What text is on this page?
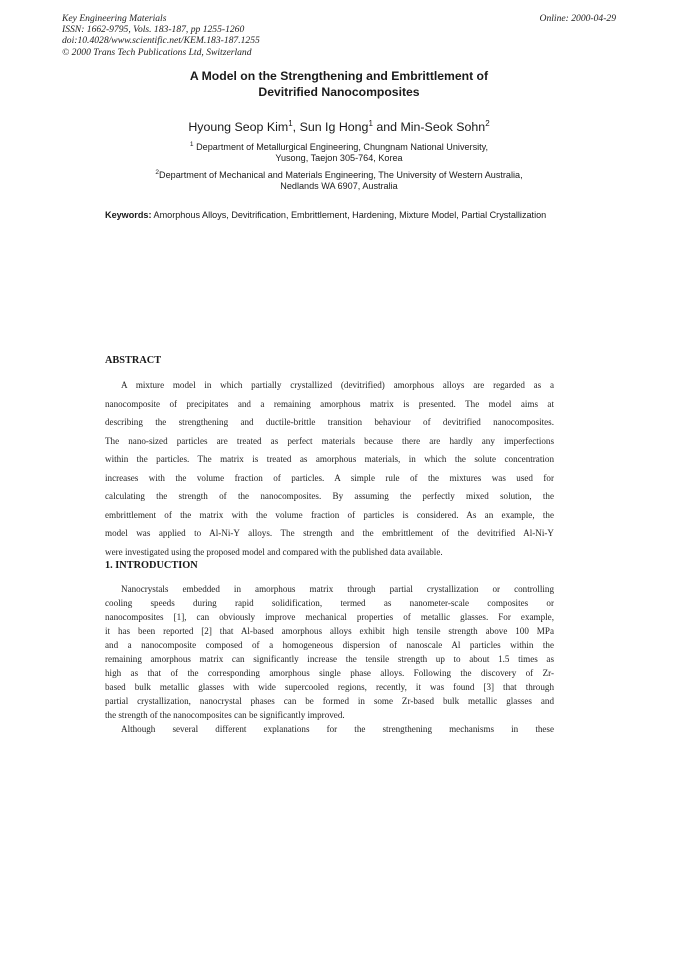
Key Engineering Materials
ISSN: 1662-9795, Vols. 183-187, pp 1255-1260
doi:10.4028/www.scientific.net/KEM.183-187.1255
© 2000 Trans Tech Publications Ltd, Switzerland
Online: 2000-04-29
A Model on the Strengthening and Embrittlement of
Devitrified Nanocomposites
Hyoung Seop Kim$^1$, Sun Ig Hong$^1$ and Min-Seok Sohn$^2$
$^1$ Department of Metallurgical Engineering, Chungnam National University,
Yusong, Taejon 305-764, Korea
$^2$Department of Mechanical and Materials Engineering, The University of Western Australia,
Nedlands WA 6907, Australia
Keywords: Amorphous Alloys, Devitrification, Embrittlement, Hardening, Mixture Model, Partial Crystallization
ABSTRACT
A mixture model in which partially crystallized (devitrified) amorphous alloys are regarded as a
nanocomposite of precipitates and a remaining amorphous matrix is presented. The model aims at
describing the strengthening and ductile-brittle transition behaviour of devitrified nanocomposites.
The nano-sized particles are treated as perfect materials because there are hardly any imperfections
within the particles. The matrix is treated as amorphous materials, in which the solute concentration
increases with the volume fraction of particles. A simple rule of the mixtures was used for
calculating the strength of the nanocomposites. By assuming the perfectly mixed solution, the
embrittlement of the matrix with the volume fraction of particles is considered. As an example, the
model was applied to Al-Ni-Y alloys. The strength and the embrittlement of the devitrified Al-Ni-Y
were investigated using the proposed model and compared with the published data available.
1. INTRODUCTION
Nanocrystals embedded in amorphous matrix through partial crystallization or controlling
cooling speeds during rapid solidification, termed as nanometer-scale composites or
nanocomposites [1], can obviously improve mechanical properties of metallic glasses. For example,
it has been reported [2] that Al-based amorphous alloys exhibit high tensile strength above 100 MPa
and a nanocomposite composed of a homogeneous dispersion of nanoscale Al particles within the
remaining amorphous matrix can significantly increase the tensile strength up to about 1.5 times as
high as that of the corresponding amorphous single phase alloys. Following the discovery of Zr-
based bulk metallic glasses with wide supercooled regions, recently, it was found [3] that through
partial crystallization, nanocrystal phases can be formed in some Zr-based bulk metallic glasses and
the strength of the nanocomposites can be significantly improved.
Although several different explanations for the strengthening mechanisms in these
